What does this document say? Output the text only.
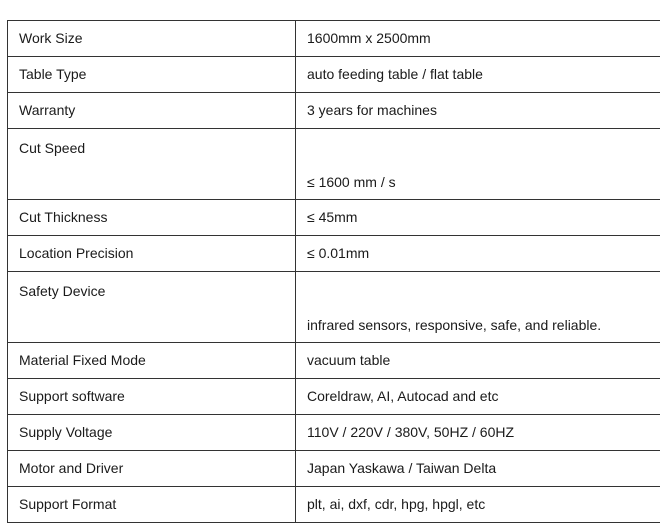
Work Size	1600mm x 2500mm
Table Type	auto feeding table / flat table
Warranty	3 years for machines
Cut Speed	≤ 1600 mm / s
Cut Thickness	≤ 45mm
Location Precision	≤ 0.01mm
Safety Device	infrared sensors, responsive, safe, and reliable.
Material Fixed Mode	vacuum table
Support software	Coreldraw, AI, Autocad and etc
Supply Voltage	110V / 220V / 380V, 50HZ / 60HZ
Motor and Driver	Japan Yaskawa / Taiwan Delta
Support Format	plt, ai, dxf, cdr, hpg, hpgl, etc
